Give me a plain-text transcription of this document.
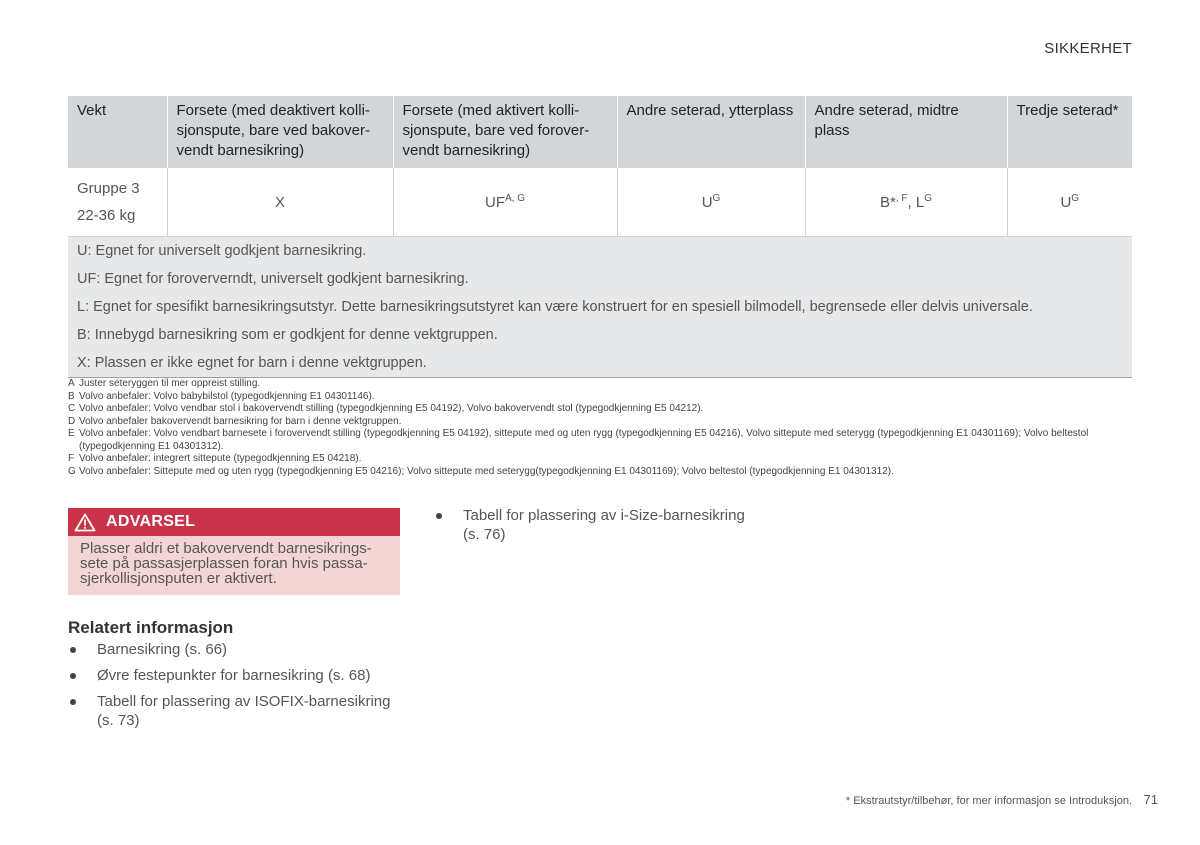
SIKKERHET
Vekt	Forsete (med deaktivert kolli-
sjonspute, bare ved bakover-
vendt barnesikring)	Forsete (med aktivert kolli-
sjonspute, bare ved forover-
vendt barnesikring)	Andre seterad, ytterplass	Andre seterad, midtre plass	Tredje seterad*

Gruppe 3
22-36 kg	X	$UF^{A, G}$	$U^G$	B*$^{, F}$, $L^G$	$U^G$
U: Egnet for universelt godkjent barnesikring.					
UF: Egnet for foroververndt, universelt godkjent barnesikring.					
L: Egnet for spesifikt barnesikringsutstyr. Dette barnesikringsutstyret kan være konstruert for en spesiell bilmodell, begrensede eller delvis universale.					
B: Innebygd barnesikring som er godkjent for denne vektgruppen.					
X: Plassen er ikke egnet for barn i denne vektgruppen.					
A Juster seteryggen til mer oppreist stilling.
B Volvo anbefaler: Volvo babybilstol (typegodkjenning E1 04301146).
C Volvo anbefaler: Volvo vendbar stol i bakovervendt stilling (typegodkjenning E5 04192), Volvo bakovervendt stol (typegodkjenning E5 04212).
D Volvo anbefaler bakovervendt barnesikring for barn i denne vektgruppen.
E Volvo anbefaler: Volvo vendbart barnesete i forovervendt stilling (typegodkjenning E5 04192), sittepute med og uten rygg (typegodkjenning E5 04216), Volvo sittepute med seterygg (typegodkjenning E1 04301169); Volvo beltestol (typegodkjenning E1 04301312).
F Volvo anbefaler: integrert sittepute (typegodkjenning E5 04218).
G Volvo anbefaler: Sittepute med og uten rygg (typegodkjenning E5 04216); Volvo sittepute med seterygg(typegodkjenning E1 04301169); Volvo beltestol (typegodkjenning E1 04301312).
ADVARSEL
Plasser aldri et bakovervendt barnesikrings-
sete på passasjerplassen foran hvis passa-
sjerkollisjonsputen er aktivert.
Relatert informasjon
Barnesikring (s. 66)
Øvre festepunkter for barnesikring (s. 68)
Tabell for plassering av ISOFIX-barnesikring
(s. 73)
Tabell for plassering av i-Size-barnesikring
(s. 76)
* Ekstrautstyr/tilbehør, for mer informasjon se Introduksjon. 71
